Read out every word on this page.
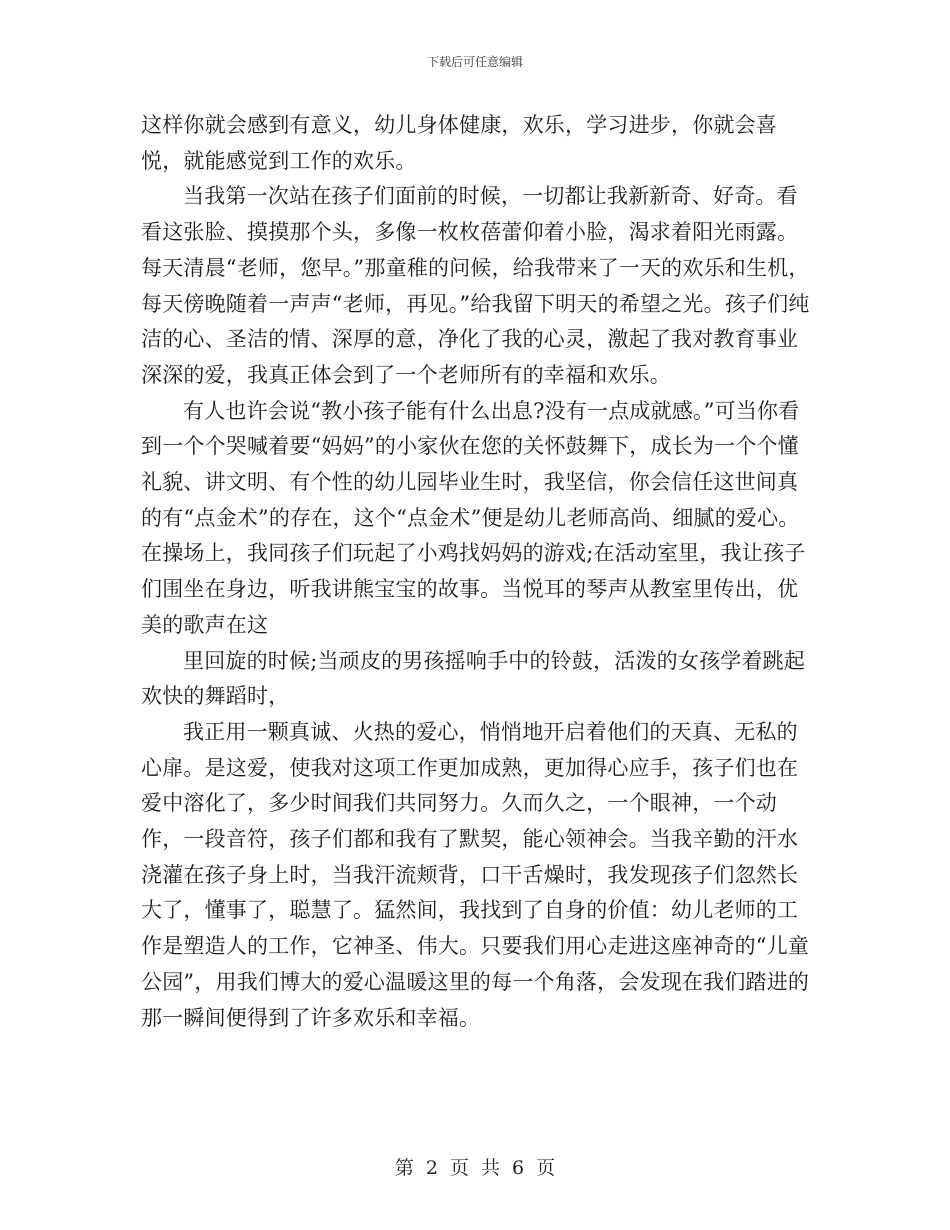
下载后可任意编辑

这样你就会感到有意义，幼儿身体健康，欢乐，学习进步，你就会喜悦，就能感觉到工作的欢乐。

当我第一次站在孩子们面前的时候，一切都让我新新奇、好奇。看看这张脸、摸摸那个头，多像一枚枚蓓蕾仰着小脸，渴求着阳光雨露。每天清晨“老师，您早。”那童稚的问候，给我带来了一天的欢乐和生机，每天傍晚随着一声声“老师，再见。”给我留下明天的希望之光。孩子们纯洁的心、圣洁的情、深厚的意，净化了我的心灵，激起了我对教育事业深深的爱，我真正体会到了一个老师所有的幸福和欢乐。

有人也许会说“教小孩子能有什么出息?没有一点成就感。”可当你看到一个个哭喊着要“妈妈”的小家伙在您的关怀鼓舞下，成长为一个个懂礼貌、讲文明、有个性的幼儿园毕业生时，我坚信，你会信任这世间真的有“点金术”的存在，这个“点金术”便是幼儿老师高尚、细腻的爱心。在操场上，我同孩子们玩起了小鸡找妈妈的游戏;在活动室里，我让孩子们围坐在身边，听我讲熊宝宝的故事。当悦耳的琴声从教室里传出，优美的歌声在这

里回旋的时候;当顽皮的男孩摇响手中的铃鼓，活泼的女孩学着跳起欢快的舞蹈时，

我正用一颗真诚、火热的爱心，悄悄地开启着他们的天真、无私的心扉。是这爱，使我对这项工作更加成熟，更加得心应手，孩子们也在爱中溶化了，多少时间我们共同努力。久而久之，一个眼神，一个动作，一段音符，孩子们都和我有了默契，能心领神会。当我辛勤的汗水浇灌在孩子身上时，当我汗流颊背，口干舌燥时，我发现孩子们忽然长大了，懂事了，聪慧了。猛然间，我找到了自身的价值：幼儿老师的工作是塑造人的工作，它神圣、伟大。只要我们用心走进这座神奇的“儿童公园”，用我们博大的爱心温暖这里的每一个角落，会发现在我们踏进的那一瞬间便得到了许多欢乐和幸福。

第 2 页 共 6 页
